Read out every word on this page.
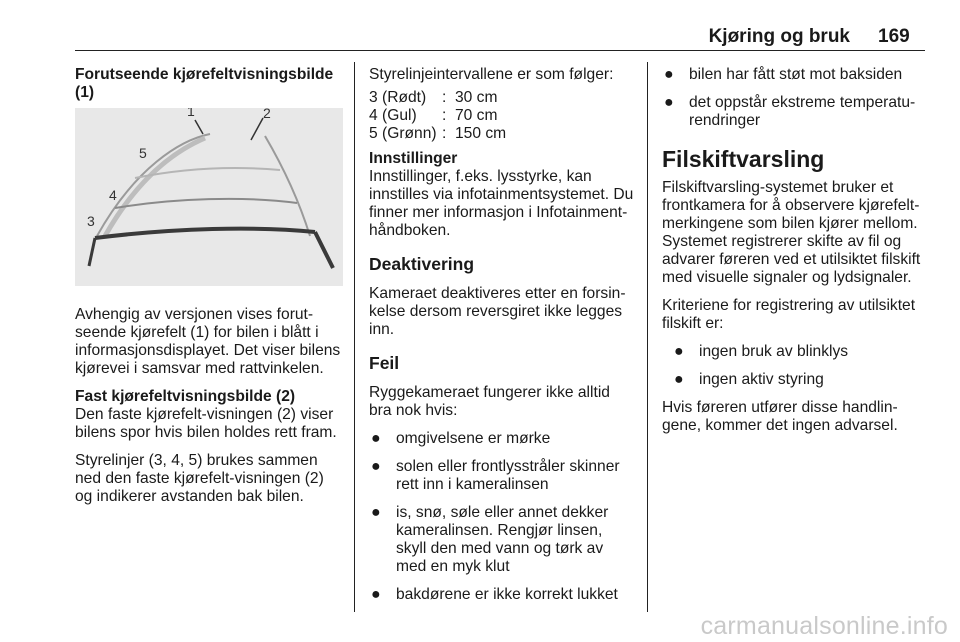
Kjøring og bruk 169

Forutseende kjørefeltvisningsbilde (1)

1	2
3
4
5

Avhengig av versjonen vises forutseende kjørefelt (1) for bilen i blått i informasjonsdisplayet. Det viser bilens kjørevei i samsvar med rattvinkelen.

Fast kjørefeltvisningsbilde (2)

Den faste kjørefelt-visningen (2) viser bilens spor hvis bilen holdes rett fram.

Styrelinjer (3, 4, 5) brukes sammen ned den faste kjørefelt-visningen (2) og indikerer avstanden bak bilen.

Styrelinjeintervallene er som følger:

3 (Rødt)	:	30 cm
4 (Gul)	:	70 cm
5 (Grønn)	:	150 cm

Innstillinger

Innstillinger, f.eks. lysstyrke, kan innstilles via infotainmentsystemet. Du finner mer informasjon i Infotainment-håndboken.

Deaktivering

Kameraet deaktiveres etter en forsinkelse dersom reversgiret ikke legges inn.

Feil

Ryggekameraet fungerer ikke alltid bra nok hvis:

● omgivelsene er mørke
● solen eller frontlysstråler skinner rett inn i kameralinsen
● is, snø, søle eller annet dekker kameralinsen. Rengjør linsen, skyll den med vann og tørk av med en myk klut
● bakdørene er ikke korrekt lukket
● bilen har fått støt mot baksiden
● det oppstår ekstreme temperaturendringer
Filskiftvarsling

Filskiftvarsling-systemet bruker et frontkamera for å observere kjørefeltmerkingene som bilen kjører mellom. Systemet registrerer skifte av fil og advarer føreren ved et utilsiktet filskift med visuelle signaler og lydsignaler.

Kriteriene for registrering av utilsiktet filskift er:

● ingen bruk av blinklys
● ingen aktiv styring

Hvis føreren utfører disse handlingene, kommer det ingen advarsel.

carmanualsonline.info
